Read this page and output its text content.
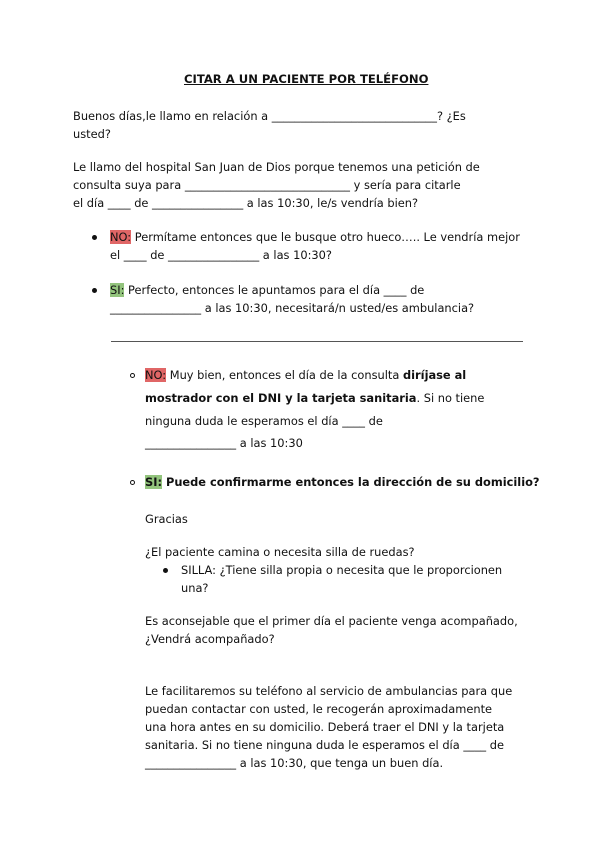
CITAR A UN PACIENTE POR TELÉFONO
Buenos días,le llamo en relación a _____________________________? ¿Es
usted?
Le llamo del hospital San Juan de Dios porque tenemos una petición de
consulta suya para _____________________________ y sería para citarle
el día ____ de ________________ a las 10:30, le/s vendría bien?
NO: Permítame entonces que le busque otro hueco….. Le vendría mejor
el ____ de ________________ a las 10:30?
SI: Perfecto, entonces le apuntamos para el día ____ de
________________ a las 10:30, necesitará/n usted/es ambulancia?
NO: Muy bien, entonces el día de la consulta diríjase al
mostrador con el DNI y la tarjeta sanitaria. Si no tiene
ninguna duda le esperamos el día ____ de
________________ a las 10:30
SI: Puede confirmarme entonces la dirección de su domicilio?
Gracias
¿El paciente camina o necesita silla de ruedas?
SILLA: ¿Tiene silla propia o necesita que le proporcionen
una?
Es aconsejable que el primer día el paciente venga acompañado,
¿Vendrá acompañado?
Le facilitaremos su teléfono al servicio de ambulancias para que
puedan contactar con usted, le recogerán aproximadamente
una hora antes en su domicilio. Deberá traer el DNI y la tarjeta
sanitaria. Si no tiene ninguna duda le esperamos el día ____ de
________________ a las 10:30, que tenga un buen día.
